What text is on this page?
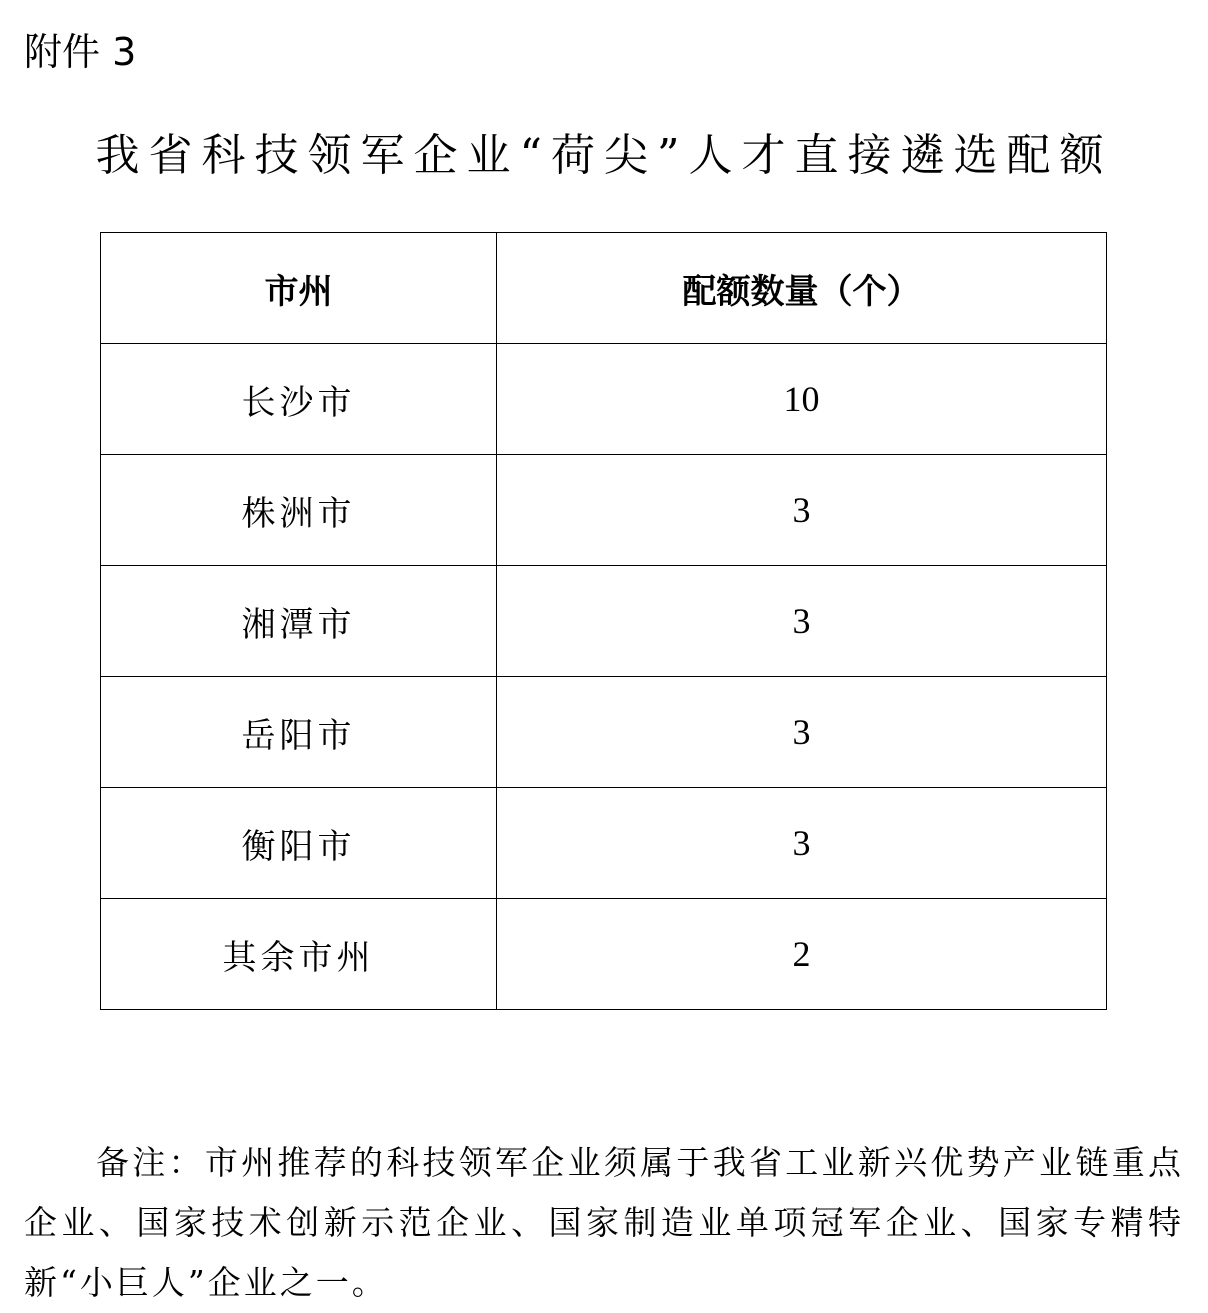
附件 3
我省科技领军企业“荷尖”人才直接遴选配额
市州	配额数量（个）
长沙市	10
株洲市	3
湘潭市	3
岳阳市	3
衡阳市	3
其余市州	2

备注：市州推荐的科技领军企业须属于我省工业新兴优势产业链重点企业、国家技术创新示范企业、国家制造业单项冠军企业、国家专精特新“小巨人”企业之一。
